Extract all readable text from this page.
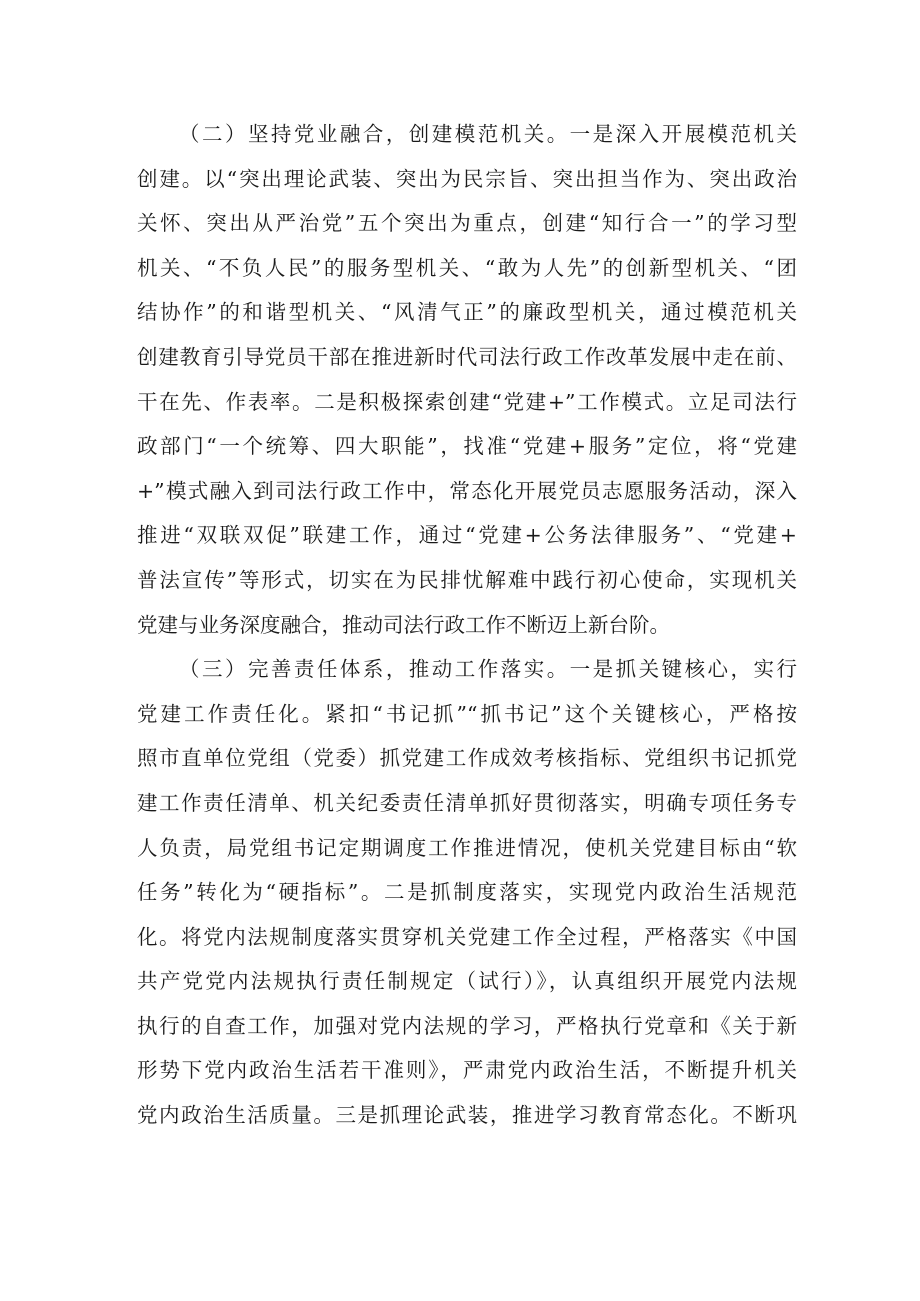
（二）坚持党业融合，创建模范机关。一是深入开展模范机关
创建。以“突出理论武装、突出为民宗旨、突出担当作为、突出政治
关怀、突出从严治党”五个突出为重点，创建“知行合一”的学习型
机关、“不负人民”的服务型机关、“敢为人先”的创新型机关、“团
结协作”的和谐型机关、“风清气正”的廉政型机关，通过模范机关
创建教育引导党员干部在推进新时代司法行政工作改革发展中走在前、
干在先、作表率。二是积极探索创建“党建+”工作模式。立足司法行
政部门“一个统筹、四大职能”，找准“党建+服务”定位，将“党建
+”模式融入到司法行政工作中，常态化开展党员志愿服务活动，深入
推进“双联双促”联建工作，通过“党建+公务法律服务”、“党建+
普法宣传”等形式，切实在为民排忧解难中践行初心使命，实现机关
党建与业务深度融合，推动司法行政工作不断迈上新台阶。
（三）完善责任体系，推动工作落实。一是抓关键核心，实行
党建工作责任化。紧扣“书记抓”“抓书记”这个关键核心，严格按
照市直单位党组（党委）抓党建工作成效考核指标、党组织书记抓党
建工作责任清单、机关纪委责任清单抓好贯彻落实，明确专项任务专
人负责，局党组书记定期调度工作推进情况，使机关党建目标由“软
任务”转化为“硬指标”。二是抓制度落实，实现党内政治生活规范
化。将党内法规制度落实贯穿机关党建工作全过程，严格落实《中国
共产党党内法规执行责任制规定（试行）》，认真组织开展党内法规
执行的自查工作，加强对党内法规的学习，严格执行党章和《关于新
形势下党内政治生活若干准则》，严肃党内政治生活，不断提升机关
党内政治生活质量。三是抓理论武装，推进学习教育常态化。不断巩
